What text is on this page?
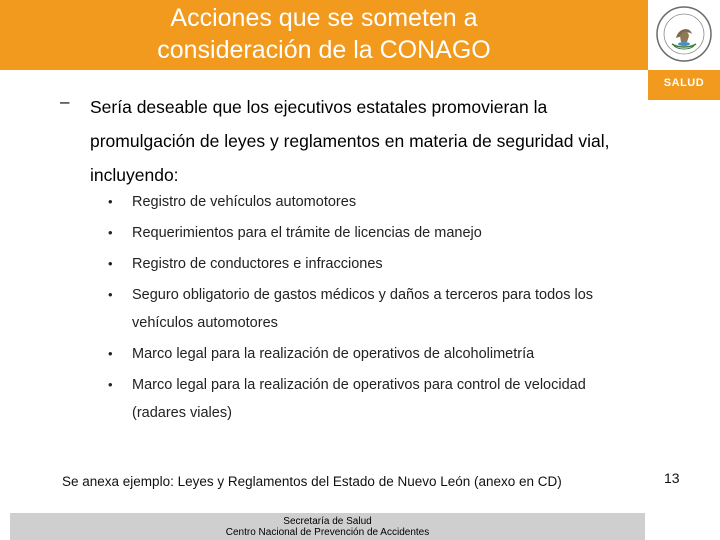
Acciones que se someten a
consideración de la CONAGO
SALUD
– Sería deseable que los ejecutivos estatales promovieran la promulgación de leyes y reglamentos en materia de seguridad vial, incluyendo:
• Registro de vehículos automotores
• Requerimientos para el trámite de licencias de manejo
• Registro de conductores e infracciones
• Seguro obligatorio de gastos médicos y daños a terceros para todos los vehículos automotores
• Marco legal para la realización de operativos de alcoholimetría
• Marco legal para la realización de operativos para control de velocidad (radares viales)
Se anexa ejemplo: Leyes y Reglamentos del Estado de Nuevo León (anexo en CD)	13
Secretaría de Salud
Centro Nacional de Prevención de Accidentes
